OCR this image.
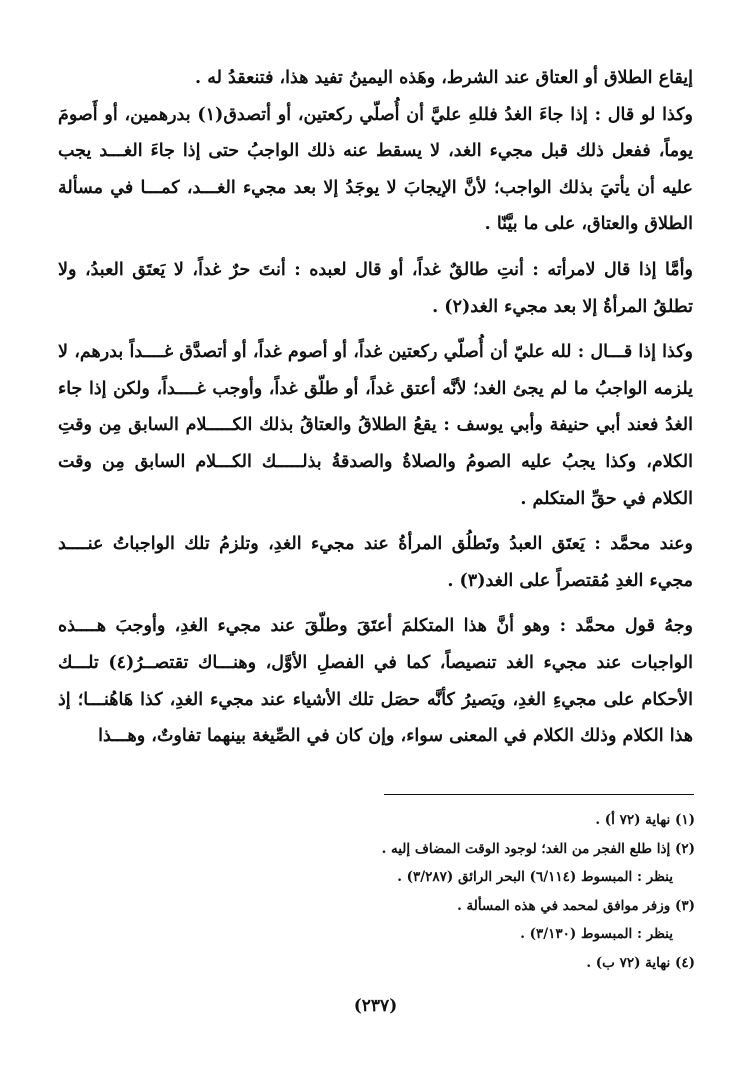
إيقاع الطلاق أو العتاق عند الشرط، وهَذه اليمينُ تفيد هذا، فتنعقدُ له .

وكذا لو قال : إذا جاءَ الغدُ فللهِ عليَّ أن أُصلّي ركعتين، أو أتصدق(١) بدرهمين، أو أَصومَ يوماً، ففعل ذلك قبل مجيء الغد، لا يسقط عنه ذلك الواجبُ حتى إذا جاءَ الغـــد يجب عليه أن يأتيَ بذلك الواجب؛ لأنَّ الإيجابَ لا يوجَدُ إلا بعد مجيء الغـــد، كمـــا في مسألة الطلاق والعتاق، على ما بيَّنّا .

وأمَّا إذا قال لامرأته : أنتِ طالقٌ غداً، أو قال لعبده : أنتَ حرٌ غداً، لا يَعتَق العبدُ، ولا تطلقُ المرأةُ إلا بعد مجيء الغد(٢) .

وكذا إذا قـــال : لله عليّ أن أُصلّي ركعتين غداً، أو أصوم غداً، أو أتصدَّق غــــداً بدرهم، لا يلزمه الواجبُ ما لم يجئ الغد؛ لأنَّه أعتق غداً، أو طلّق غداً، وأوجب غــــداً، ولكن إذا جاء الغدُ فعند أبي حنيفة وأبي يوسف : يقعُ الطلاقُ والعتاقُ بذلك الكـــــلام السابق مِن وقتِ الكلام، وكذا يجبُ عليه الصومُ والصلاةُ والصدقةُ بذلـــــك الكـــلام السابق مِن وقت الكلام في حقِّ المتكلم .

وعند محمَّد : يَعتَق العبدُ وتَطلُق المرأةُ عند مجيء الغدِ، وتلزمُ تلك الواجباتُ عنــــد مجيء الغدِ مُقتصراً على الغد(٣) .

وجهُ قول محمَّد : وهو أنَّ هذا المتكلمَ أعتَقَ وطلّقَ عند مجيء الغدِ، وأوجبَ هــــذه الواجبات عند مجيء الغد تنصيصاً، كما في الفصلِ الأوَّل، وهنـــاك تقتصــرُ(٤) تلـــك الأحكام على مجيءِ الغدِ، ويَصيرُ كأنَّه حصَل تلك الأشياء عند مجيء الغدِ، كذا هَاهُنـــا؛ إذ هذا الكلام وذلك الكلام في المعنى سواء، وإن كان في الصِّيغة بينهما تفاوتٌ، وهـــذا

(١) نهاية (٧٢ أ) .
(٢) إذا طلع الفجر من الغد؛ لوجود الوقت المضاف إليه .
ينظر : المبسوط (٦/١١٤) البحر الرائق (٣/٢٨٧) .
(٣) وزفر موافق لمحمد في هذه المسألة .
ينظر : المبسوط (٣/١٣٠) .
(٤) نهاية (٧٢ ب) .
(٢٣٧)
